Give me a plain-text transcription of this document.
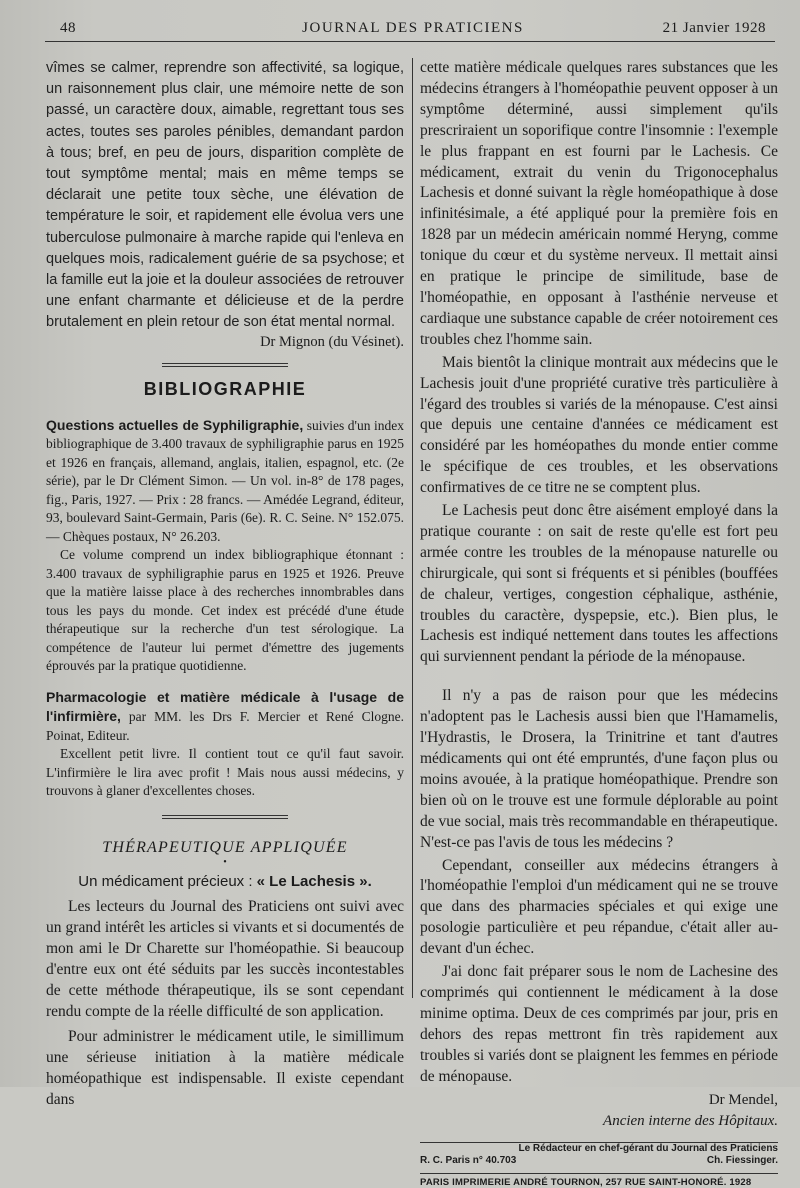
48	JOURNAL DES PRATICIENS	21 Janvier 1928

vîmes se calmer, reprendre son affectivité, sa logique, un raisonnement plus clair, une mémoire nette de son passé, un caractère doux, aimable, regrettant tous ses actes, toutes ses paroles pénibles, demandant pardon à tous; bref, en peu de jours, disparition complète de tout symptôme mental; mais en même temps se déclarait une petite toux sèche, une élévation de température le soir, et rapidement elle évolua vers une tuberculose pulmonaire à marche rapide qui l'enleva en quelques mois, radicalement guérie de sa psychose; et la famille eut la joie et la douleur associées de retrouver une enfant charmante et délicieuse et de la perdre brutalement en plein retour de son état mental normal.

Dr Mignon (du Vésinet).

BIBLIOGRAPHIE

Questions actuelles de Syphiligraphie, suivies d'un index bibliographique de 3.400 travaux de syphiligraphie parus en 1925 et 1926 en français, allemand, anglais, italien, espagnol, etc. (2e série), par le Dr Clément Simon. — Un vol. in-8° de 178 pages, fig., Paris, 1927. — Prix : 28 francs. — Amédée Legrand, éditeur, 93, boulevard Saint-Germain, Paris (6e). R. C. Seine. N° 152.075. — Chèques postaux, N° 26.203.

Ce volume comprend un index bibliographique étonnant : 3.400 travaux de syphiligraphie parus en 1925 et 1926. Preuve que la matière laisse place à des recherches innombrables dans tous les pays du monde. Cet index est précédé d'une étude thérapeutique sur la recherche d'un test sérologique. La compétence de l'auteur lui permet d'émettre des jugements éprouvés par la pratique quotidienne.

Pharmacologie et matière médicale à l'usage de l'infirmière, par MM. les Drs F. Mercier et René Clogne. Poinat, Editeur.

Excellent petit livre. Il contient tout ce qu'il faut savoir. L'infirmière le lira avec profit ! Mais nous aussi médecins, y trouvons à glaner d'excellentes choses.

THÉRAPEUTIQUE APPLIQUÉE
•
Un médicament précieux : « Le Lachesis ».

Les lecteurs du Journal des Praticiens ont suivi avec un grand intérêt les articles si vivants et si documentés de mon ami le Dr Charette sur l'homéopathie. Si beaucoup d'entre eux ont été séduits par les succès incontestables de cette méthode thérapeutique, ils se sont cependant rendu compte de la réelle difficulté de son application.

Pour administrer le médicament utile, le simillimum une sérieuse initiation à la matière médicale homéopathique est indispensable. Il existe cependant dans

cette matière médicale quelques rares substances que les médecins étrangers à l'homéopathie peuvent opposer à un symptôme déterminé, aussi simplement qu'ils prescriraient un soporifique contre l'insomnie : l'exemple le plus frappant en est fourni par le Lachesis. Ce médicament, extrait du venin du Trigonocephalus Lachesis et donné suivant la règle homéopathique à dose infinitésimale, a été appliqué pour la première fois en 1828 par un médecin américain nommé Heryng, comme tonique du cœur et du système nerveux. Il mettait ainsi en pratique le principe de similitude, base de l'homéopathie, en opposant à l'asthénie nerveuse et cardiaque une substance capable de créer notoirement ces troubles chez l'homme sain.

Mais bientôt la clinique montrait aux médecins que le Lachesis jouit d'une propriété curative très particulière à l'égard des troubles si variés de la ménopause. C'est ainsi que depuis une centaine d'années ce médicament est considéré par les homéopathes du monde entier comme le spécifique de ces troubles, et les observations confirmatives de ce titre ne se comptent plus.

Le Lachesis peut donc être aisément employé dans la pratique courante : on sait de reste qu'elle est fort peu armée contre les troubles de la ménopause naturelle ou chirurgicale, qui sont si fréquents et si pénibles (bouffées de chaleur, vertiges, congestion céphalique, asthénie, troubles du caractère, dyspepsie, etc.). Bien plus, le Lachesis est indiqué nettement dans toutes les affections qui surviennent pendant la période de la ménopause.

Il n'y a pas de raison pour que les médecins n'adoptent pas le Lachesis aussi bien que l'Hamamelis, l'Hydrastis, le Drosera, la Trinitrine et tant d'autres médicaments qui ont été empruntés, d'une façon plus ou moins avouée, à la pratique homéopathique. Prendre son bien où on le trouve est une formule déplorable au point de vue social, mais très recommandable en thérapeutique. N'est-ce pas l'avis de tous les médecins ?

Cependant, conseiller aux médecins étrangers à l'homéopathie l'emploi d'un médicament qui ne se trouve que dans des pharmacies spéciales et qui exige une posologie particulière et peu répandue, c'était aller au-devant d'un échec.

J'ai donc fait préparer sous le nom de Lachesine des comprimés qui contiennent le médicament à la dose minime optima. Deux de ces comprimés par jour, pris en dehors des repas mettront fin très rapidement aux troubles si variés dont se plaignent les femmes en période de ménopause.

Dr Mendel,
Ancien interne des Hôpitaux.
Le Rédacteur en chef-gérant du Journal des Praticiens
Ch. Fiessinger.
R. C. Paris n° 40.703
PARIS IMPRIMERIE ANDRÉ TOURNON, 257 RUE SAINT-HONORÉ. 1928
